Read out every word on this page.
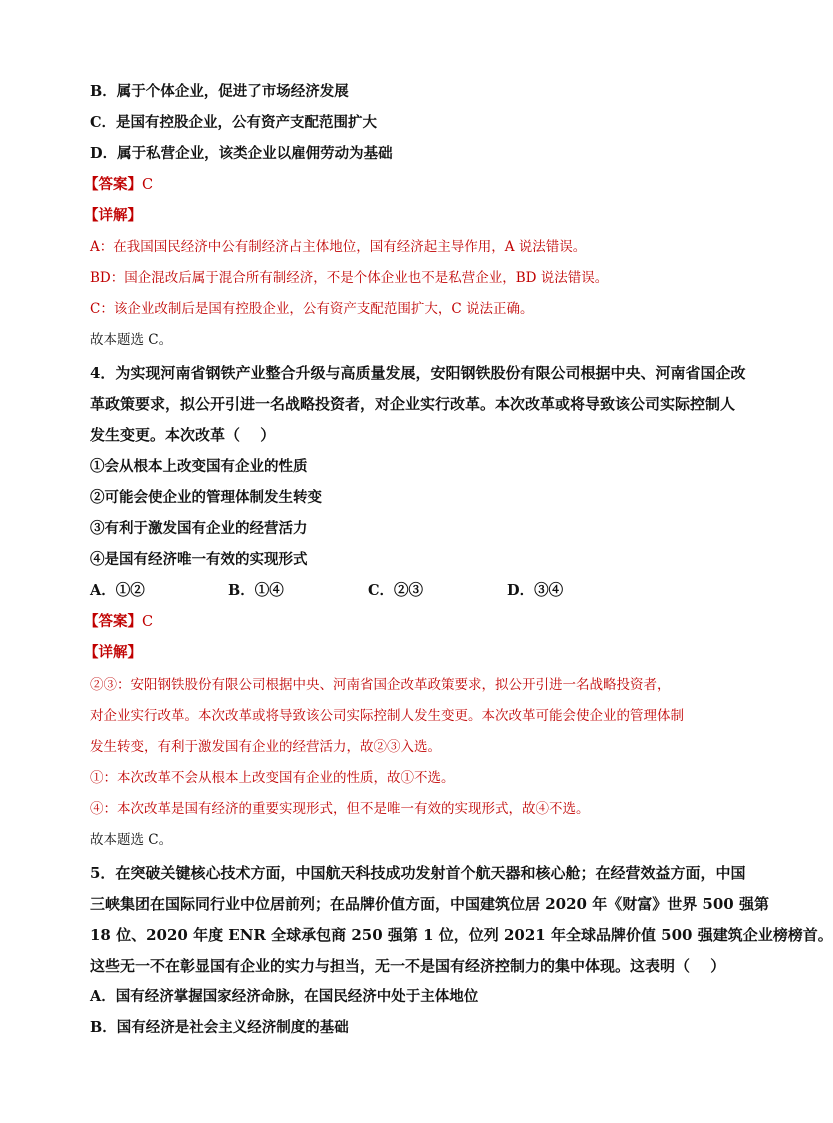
B．属于个体企业，促进了市场经济发展
C．是国有控股企业，公有资产支配范围扩大
D．属于私营企业，该类企业以雇佣劳动为基础
【答案】C
【详解】
A：在我国国民经济中公有制经济占主体地位，国有经济起主导作用，A 说法错误。
BD：国企混改后属于混合所有制经济，不是个体企业也不是私营企业，BD 说法错误。
C：该企业改制后是国有控股企业，公有资产支配范围扩大，C 说法正确。
故本题选 C。
4．为实现河南省钢铁产业整合升级与高质量发展，安阳钢铁股份有限公司根据中央、河南省国企改
革政策要求，拟公开引进一名战略投资者，对企业实行改革。本次改革或将导致该公司实际控制人
发生变更。本次改革（　 ）
①会从根本上改变国有企业的性质
②可能会使企业的管理体制发生转变
③有利于激发国有企业的经营活力
④是国有经济唯一有效的实现形式
A．①②	B．①④	C．②③	D．③④
【答案】C
【详解】
②③：安阳钢铁股份有限公司根据中央、河南省国企改革政策要求，拟公开引进一名战略投资者，
对企业实行改革。本次改革或将导致该公司实际控制人发生变更。本次改革可能会使企业的管理体制
发生转变，有利于激发国有企业的经营活力，故②③入选。
①：本次改革不会从根本上改变国有企业的性质，故①不选。
④：本次改革是国有经济的重要实现形式，但不是唯一有效的实现形式，故④不选。
故本题选 C。
5．在突破关键核心技术方面，中国航天科技成功发射首个航天器和核心舱；在经营效益方面，中国
三峡集团在国际同行业中位居前列；在品牌价值方面，中国建筑位居 2020 年《财富》世界 500 强第
18 位、2020 年度 ENR 全球承包商 250 强第 1 位，位列 2021 年全球品牌价值 500 强建筑企业榜榜首。
这些无一不在彰显国有企业的实力与担当，无一不是国有经济控制力的集中体现。这表明（　 ）
A．国有经济掌握国家经济命脉，在国民经济中处于主体地位
B．国有经济是社会主义经济制度的基础
